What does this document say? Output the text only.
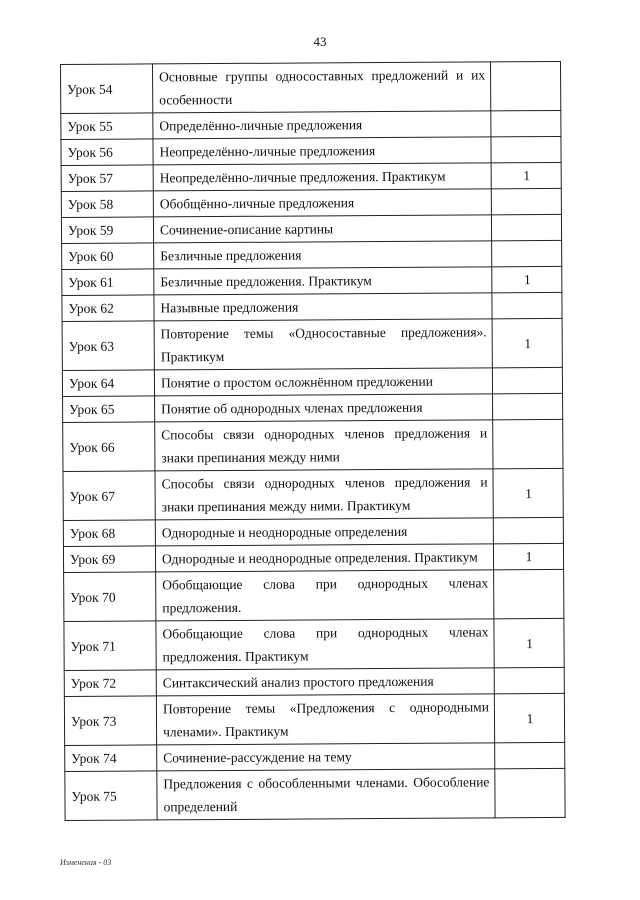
43
Урок 54	Основные группы односоставных предложений и их особенности	
Урок 55	Определённо-личные предложения	
Урок 56	Неопределённо-личные предложения	
Урок 57	Неопределённо-личные предложения. Практикум	1
Урок 58	Обобщённо-личные предложения	
Урок 59	Сочинение-описание картины	
Урок 60	Безличные предложения	
Урок 61	Безличные предложения. Практикум	1
Урок 62	Назывные предложения	
Урок 63	Повторение темы «Односоставные предложения». Практикум	1
Урок 64	Понятие о простом осложнённом предложении	
Урок 65	Понятие об однородных членах предложения	
Урок 66	Способы связи однородных членов предложения и знаки препинания между ними	
Урок 67	Способы связи однородных членов предложения и знаки препинания между ними. Практикум	1
Урок 68	Однородные и неоднородные определения	
Урок 69	Однородные и неоднородные определения. Практикум	1
Урок 70	Обобщающие слова при однородных членах предложения.	
Урок 71	Обобщающие слова при однородных членах предложения. Практикум	1
Урок 72	Синтаксический анализ простого предложения	
Урок 73	Повторение темы «Предложения с однородными членами». Практикум	1
Урок 74	Сочинение-рассуждение на тему	
Урок 75	Предложения с обособленными членами. Обособление определений	
Изменения - 03
